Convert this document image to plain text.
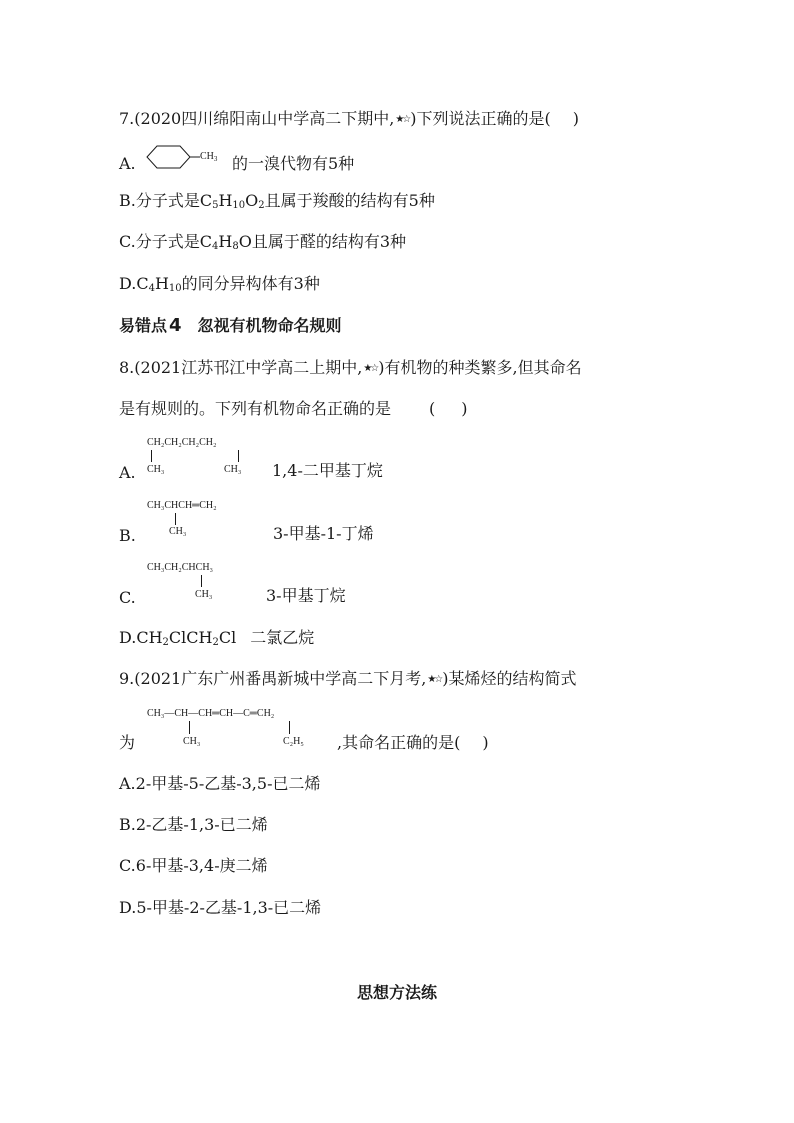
7.(2020四川绵阳南山中学高二下期中,★☆)下列说法正确的是( )
A.	$CH_3$ 的一溴代物有5种
B.分子式是$C_5H_{10}O_2$且属于羧酸的结构有5种
C.分子式是$C_4H_8O$且属于醛的结构有3种
$D.C_4H_{10}$的同分异构体有3种
易错点 4 忽视有机物命名规则
8.(2021江苏邗江中学高二上期中,★☆)有机物的种类繁多,但其命名
是有规则的。下列有机物命名正确的是 ( )
CH₂CH₂CH₂CH₂
CH₃	CH₃
A.	1,4-二甲基丁烷
CH₃CHCH═CH₂
CH₃
B.	3-甲基-1-丁烯
CH₃CH₂CHCH₃
CH₃
C.	3-甲基丁烷
$D.CH_2ClCH_2Cl$ 二氯乙烷
9.(2021广东广州番禺新城中学高二下月考,★☆)某烯烃的结构简式
CH₃—CH—CH═CH—C═CH₂
CH₃	C₂H₅
为	,其命名正确的是( )
A.2-甲基-5-乙基-3,5-已二烯
B.2-乙基-1,3-已二烯
C.6-甲基-3,4-庚二烯
D.5-甲基-2-乙基-1,3-已二烯
思想方法练
